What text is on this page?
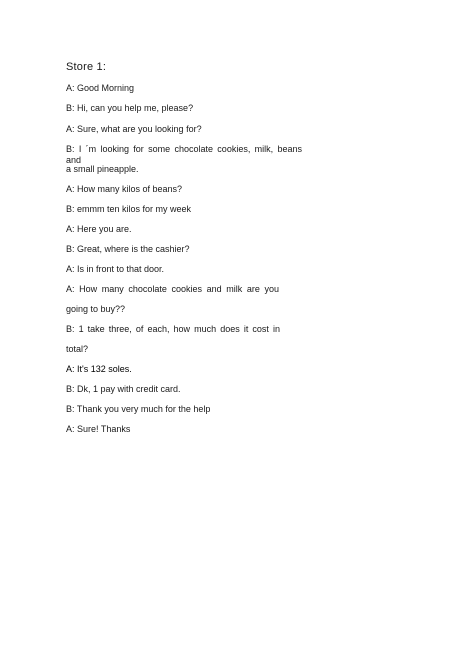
Store 1:
A: Good Morning
B: Hi, can you help me, please?
A: Sure, what are you looking for?
B: I ´m looking for some chocolate cookies, milk, beans and
a small pineapple.
A: How many kilos of beans?
B: emmm ten kilos for my week
A: Here you are.
B: Great, where is the cashier?
A: Is in front to that door.
A: How many chocolate cookies and milk are you
going to buy??
B: 1 take three, of each, how much does it cost in
total?
A: It's 132 soles.
B: Dk, 1 pay with credit card.
B: Thank you very much for the help
A: Sure! Thanks
